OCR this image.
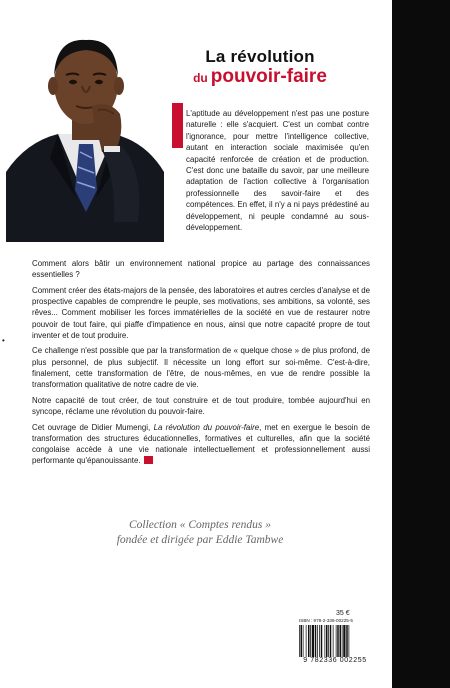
La révolution
du pouvoir-faire
L'aptitude au développement n'est pas une posture naturelle : elle s'acquiert. C'est un combat contre l'ignorance, pour mettre l'intelligence collective, autant en interaction sociale maximisée qu'en capacité renforcée de création et de production. C'est donc une bataille du savoir, par une meilleure adaptation de l'action collective à l'organisation professionnelle des savoir-faire et des compétences. En effet, il n'y a ni pays prédestiné au développement, ni peuple condamné au sous-développement.
•

Comment alors bâtir un environnement national propice au partage des connaissances essentielles ?

Comment créer des états-majors de la pensée, des laboratoires et autres cercles d'analyse et de prospective capables de comprendre le peuple, ses motivations, ses ambitions, sa volonté, ses rêves... Comment mobiliser les forces immatérielles de la société en vue de restaurer notre pouvoir de tout faire, qui piaffe d'impatience en nous, ainsi que notre capacité propre de tout inventer et de tout produire.

Ce challenge n'est possible que par la transformation de « quelque chose » de plus profond, de plus personnel, de plus subjectif. Il nécessite un long effort sur soi-même. C'est-à-dire, finalement, cette transformation de l'être, de nous-mêmes, en vue de rendre possible la transformation qualitative de notre cadre de vie.

Notre capacité de tout créer, de tout construire et de tout produire, tombée aujourd'hui en syncope, réclame une révolution du pouvoir-faire.

Cet ouvrage de Didier Mumengi, La révolution du pouvoir-faire, met en exergue le besoin de transformation des structures éducationnelles, formatives et culturelles, afin que la société congolaise accède à une vie nationale intellectuellement et professionnellement aussi performante qu'épanouissante.

Collection « Comptes rendus »
fondée et dirigée par Eddie Tambwe
35 €
ISBN : 978-2-336-00225-5
9 782336 002255
